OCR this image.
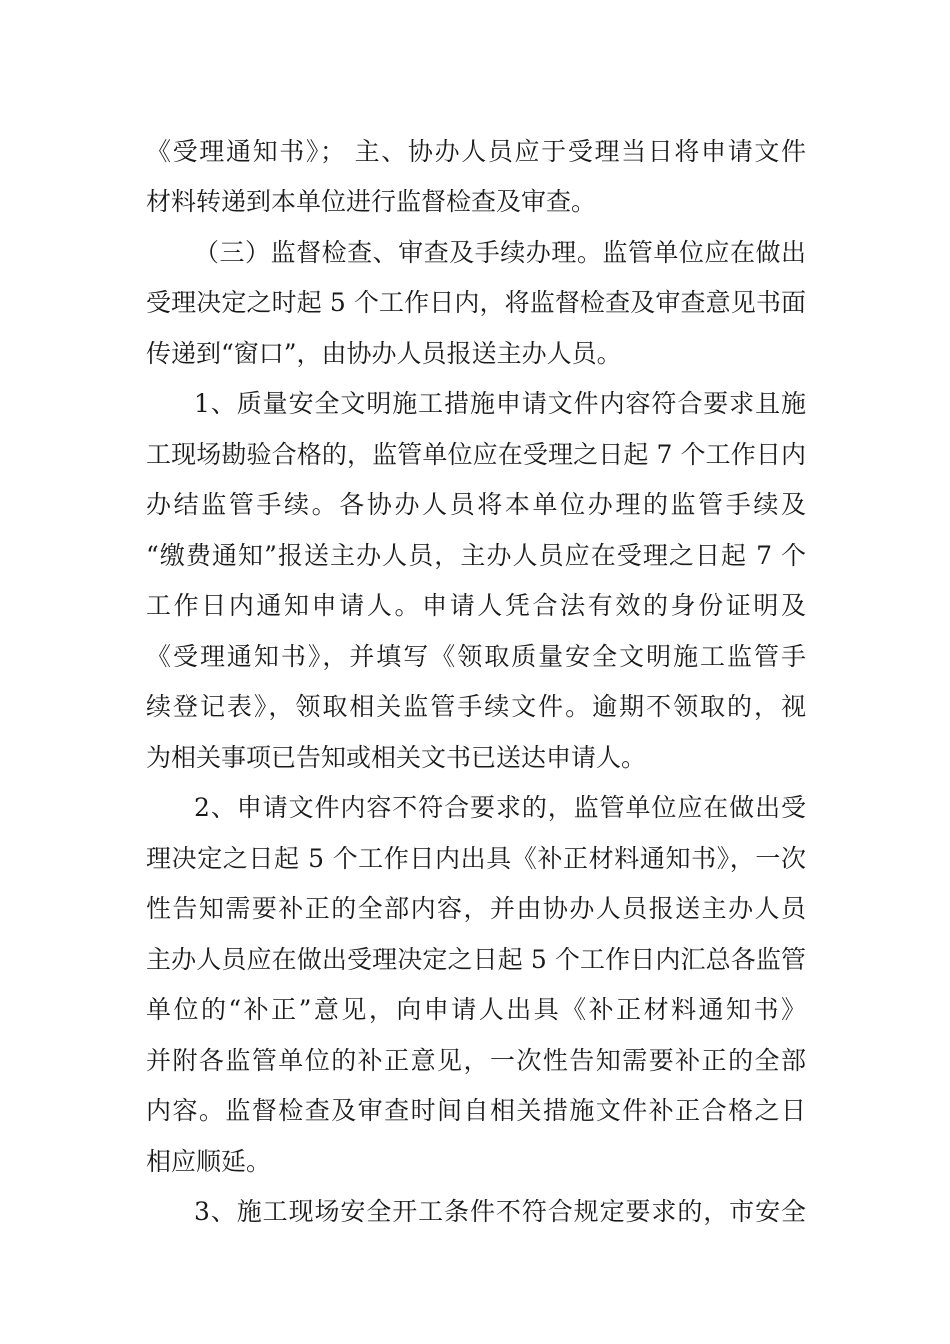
《受理通知书》； 主、协办人员应于受理当日将申请文件

材料转递到本单位进行监督检查及审查。

（三）监督检查、审查及手续办理。监管单位应在做出

受理决定之时起 5 个工作日内，将监督检查及审查意见书面

传递到“窗口”，由协办人员报送主办人员。

1、质量安全文明施工措施申请文件内容符合要求且施

工现场勘验合格的，监管单位应在受理之日起 7 个工作日内

办结监管手续。各协办人员将本单位办理的监管手续及

“缴费通知”报送主办人员，主办人员应在受理之日起 7 个

工作日内通知申请人。申请人凭合法有效的身份证明及

《受理通知书》，并填写《领取质量安全文明施工监管手

续登记表》，领取相关监管手续文件。逾期不领取的，视

为相关事项已告知或相关文书已送达申请人。

2、申请文件内容不符合要求的，监管单位应在做出受

理决定之日起 5 个工作日内出具《补正材料通知书》，一次

性告知需要补正的全部内容，并由协办人员报送主办人员

主办人员应在做出受理决定之日起 5 个工作日内汇总各监管

单位的“补正”意见，向申请人出具《补正材料通知书》

并附各监管单位的补正意见，一次性告知需要补正的全部

内容。监督检查及审查时间自相关措施文件补正合格之日

相应顺延。

3、施工现场安全开工条件不符合规定要求的，市安全
